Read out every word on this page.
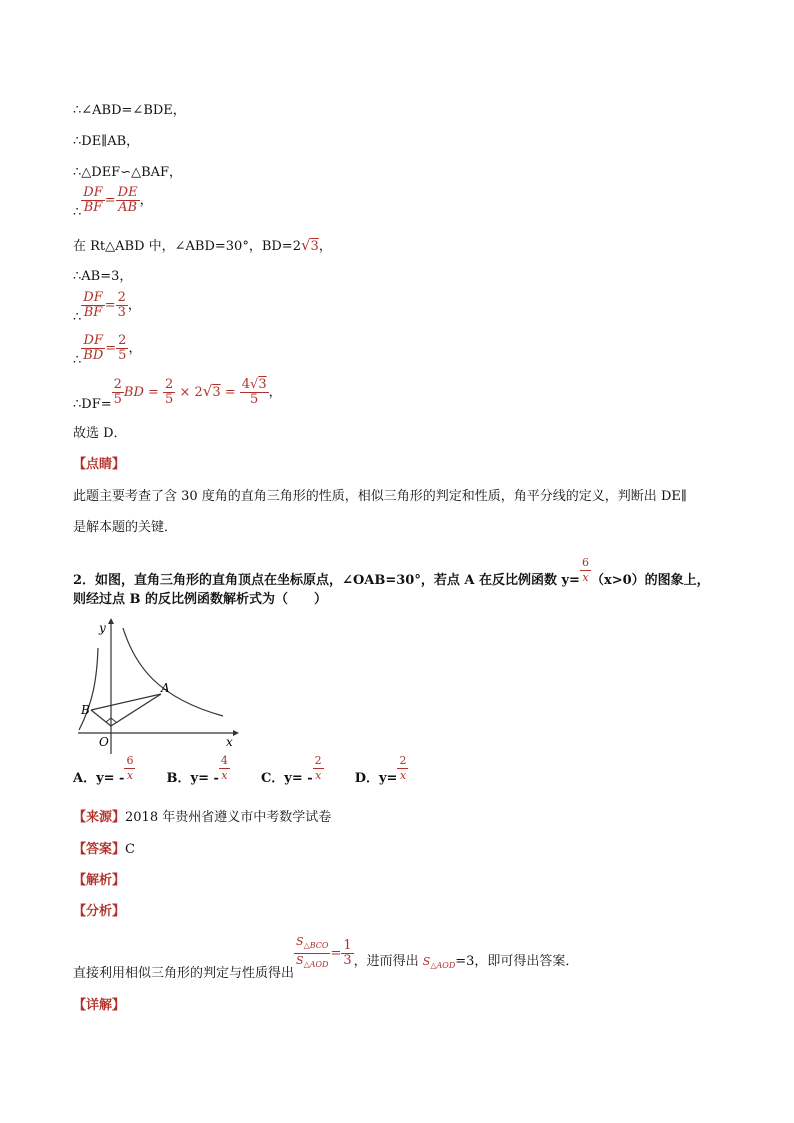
∴∠ABD=∠BDE，
∴DE∥AB，
∴△DEF∽△BAF，
∴ $\frac{DF}{BF} = \frac{DE}{AB}$ ，
在 Rt△ABD 中，∠ABD=30°，BD=2√3，
∴AB=3，
∴ $\frac{DF}{BF} = \frac{2}{3}$ ，
∴ $\frac{DF}{BD} = \frac{2}{5}$ ，
∴DF= $\frac{2}{5}$ BD = $\frac{2}{5} \times 2√3 = \frac{4√3}{5}$ ，
故选 D．
【点睛】
此题主要考查了含 30 度角的直角三角形的性质，相似三角形的判定和性质，角平分线的定义，判断出 DE∥
是解本题的关键．
2．如图，直角三角形的直角顶点在坐标原点，∠OAB=30°，若点 A 在反比例函数 $y= \frac{6}{x} (x>0)$的图象上，
则经过点 B 的反比例函数解析式为（　　）
y
x
A
B
O
A．$y= - \frac{6}{x}$ B．$y= - \frac{4}{x}$ C．$y= - \frac{2}{x}$ D．$y= \frac{2}{x}$
【来源】2018 年贵州省遵义市中考数学试卷
【答案】C
【解析】
【分析】
直接利用相似三角形的判定与性质得出
$\frac{S_{\triangle BCO}}{S_{\triangle AOD}} = \frac{1}{3}$ ，进而得出 $S_{\triangle AOD}=3$，即可得出答案．
【详解】
